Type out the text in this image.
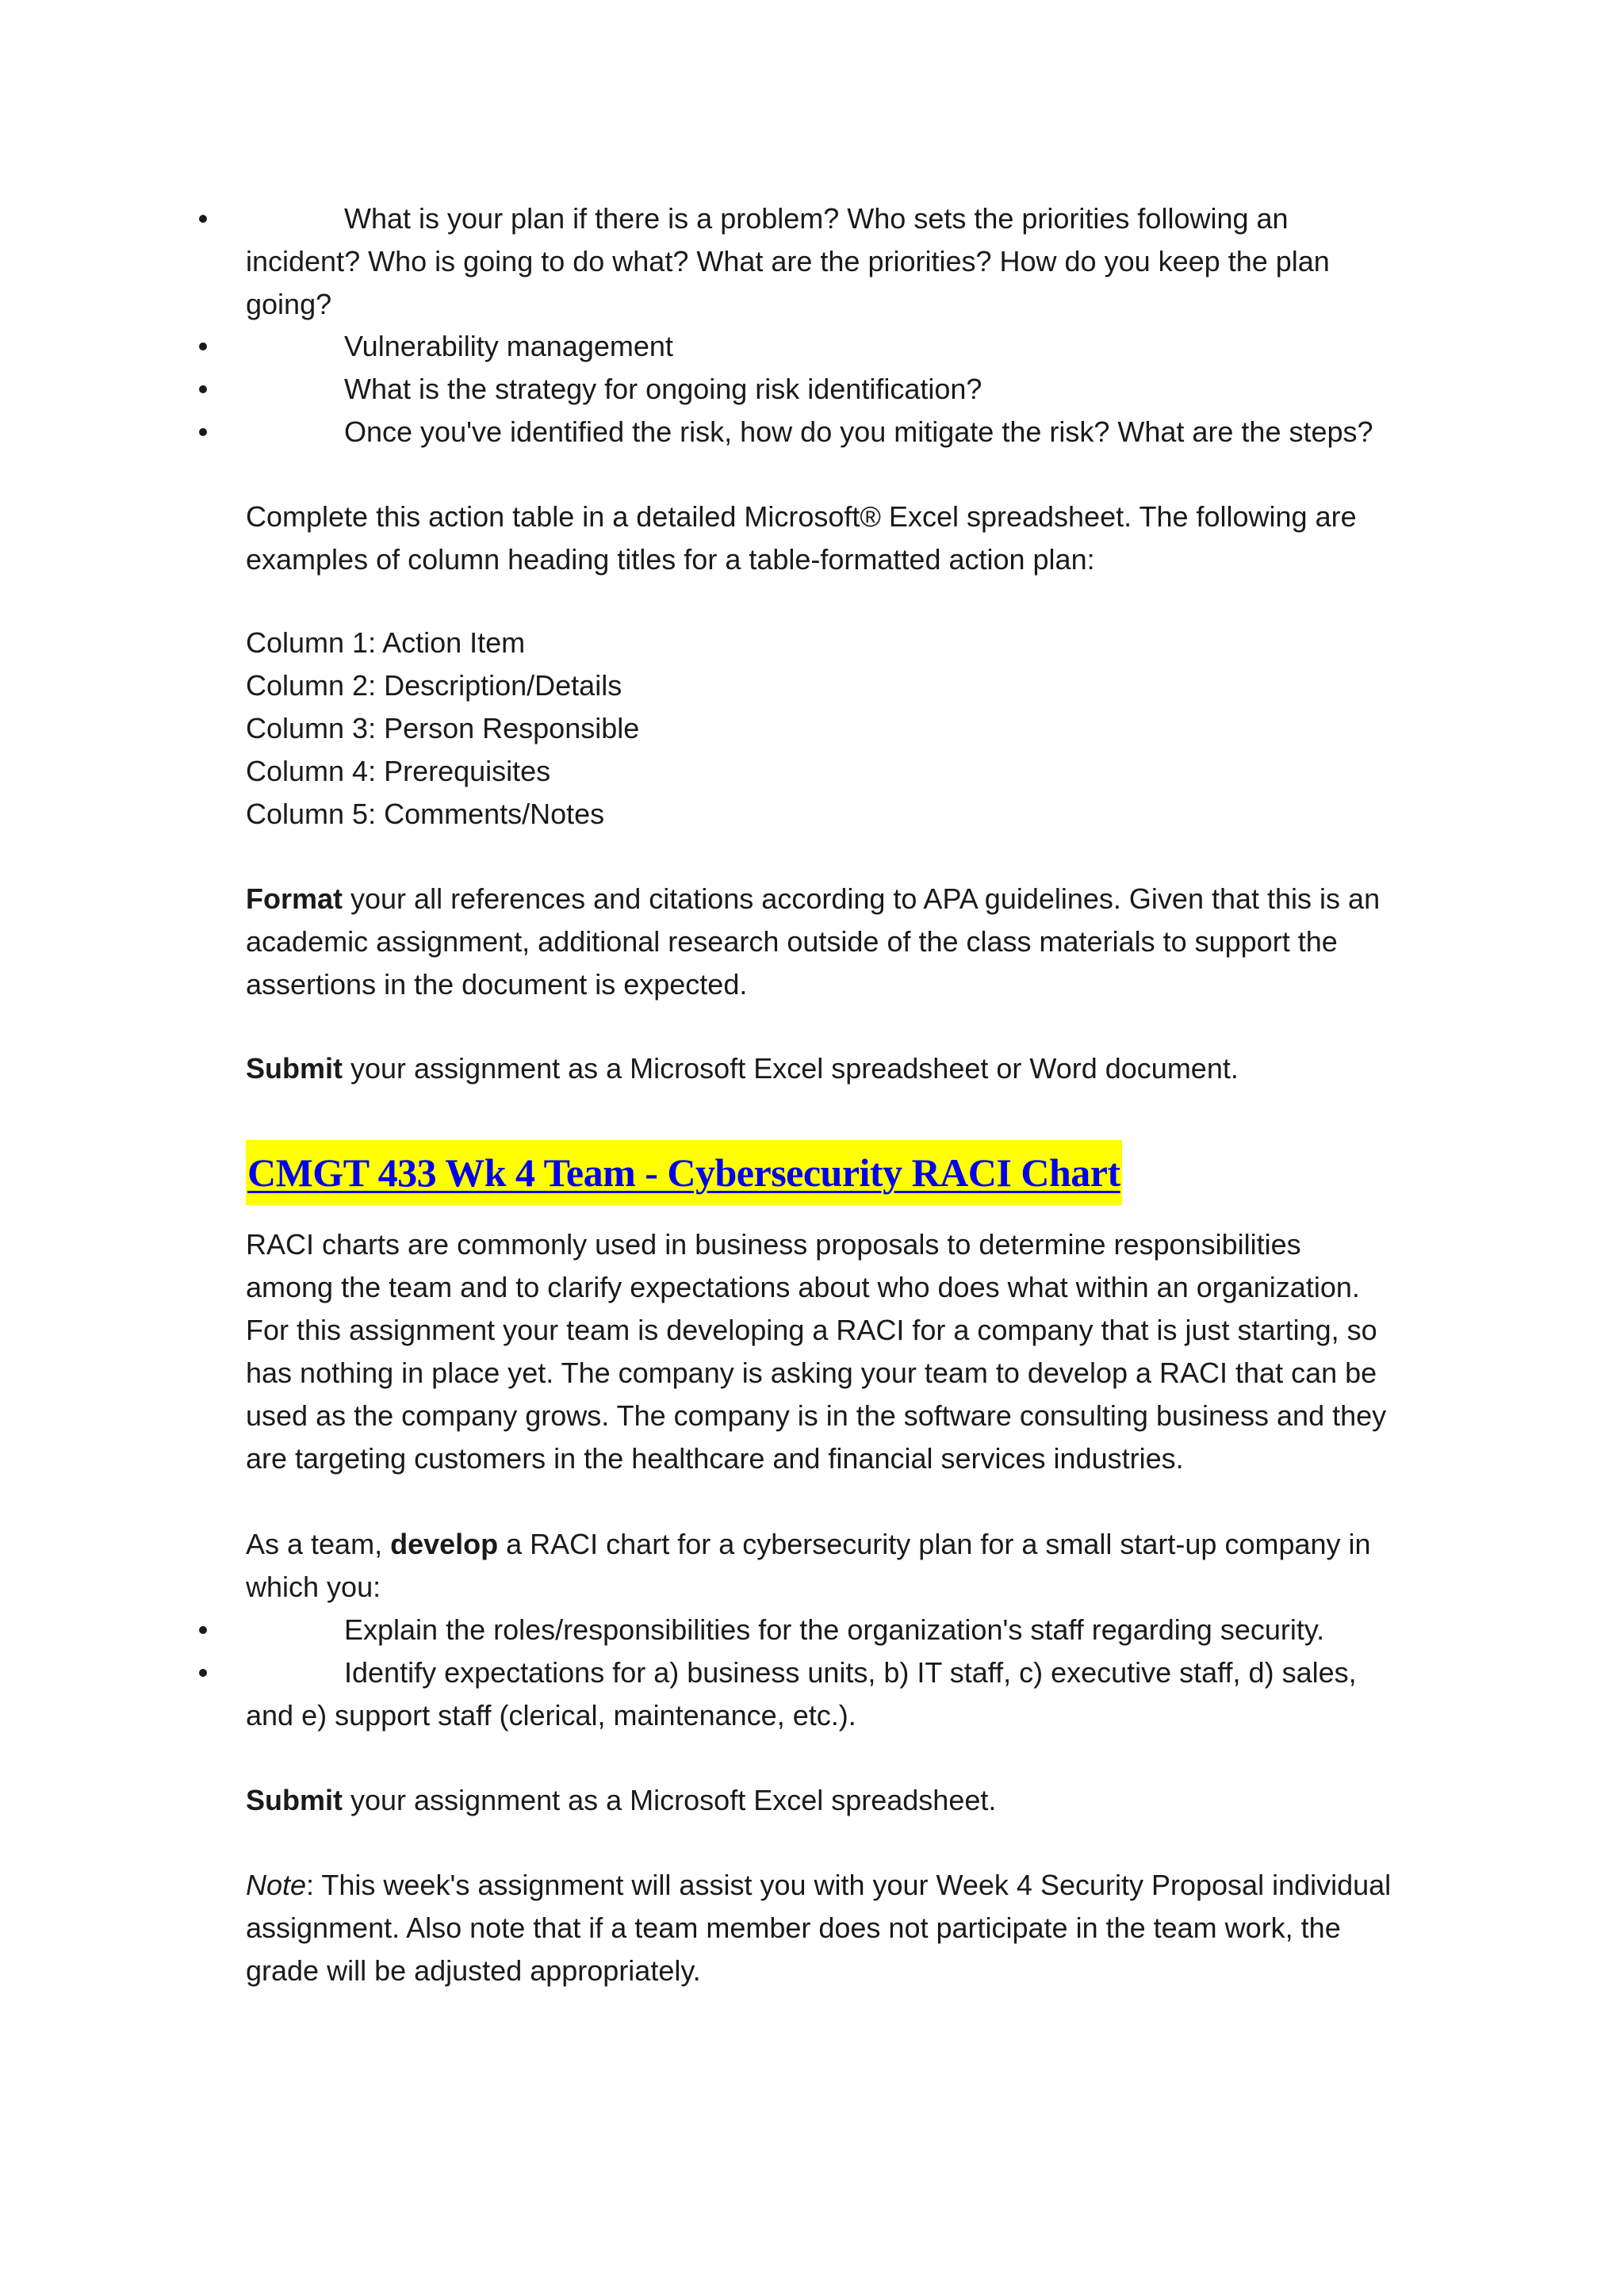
What is your plan if there is a problem? Who sets the priorities following an incident? Who is going to do what? What are the priorities? How do you keep the plan going?

Vulnerability management

What is the strategy for ongoing risk identification?

Once you've identified the risk, how do you mitigate the risk? What are the steps?

Complete this action table in a detailed Microsoft® Excel spreadsheet. The following are examples of column heading titles for a table-formatted action plan:

Column 1: Action Item
Column 2: Description/Details
Column 3: Person Responsible
Column 4: Prerequisites
Column 5: Comments/Notes

Format your all references and citations according to APA guidelines. Given that this is an academic assignment, additional research outside of the class materials to support the assertions in the document is expected.

Submit your assignment as a Microsoft Excel spreadsheet or Word document.

CMGT 433 Wk 4 Team - Cybersecurity RACI Chart

RACI charts are commonly used in business proposals to determine responsibilities among the team and to clarify expectations about who does what within an organization. For this assignment your team is developing a RACI for a company that is just starting, so has nothing in place yet. The company is asking your team to develop a RACI that can be used as the company grows. The company is in the software consulting business and they are targeting customers in the healthcare and financial services industries.

As a team, develop a RACI chart for a cybersecurity plan for a small start-up company in which you:

Explain the roles/responsibilities for the organization's staff regarding security.

Identify expectations for a) business units, b) IT staff, c) executive staff, d) sales, and e) support staff (clerical, maintenance, etc.).

Submit your assignment as a Microsoft Excel spreadsheet.

Note: This week's assignment will assist you with your Week 4 Security Proposal individual assignment. Also note that if a team member does not participate in the team work, the grade will be adjusted appropriately.
